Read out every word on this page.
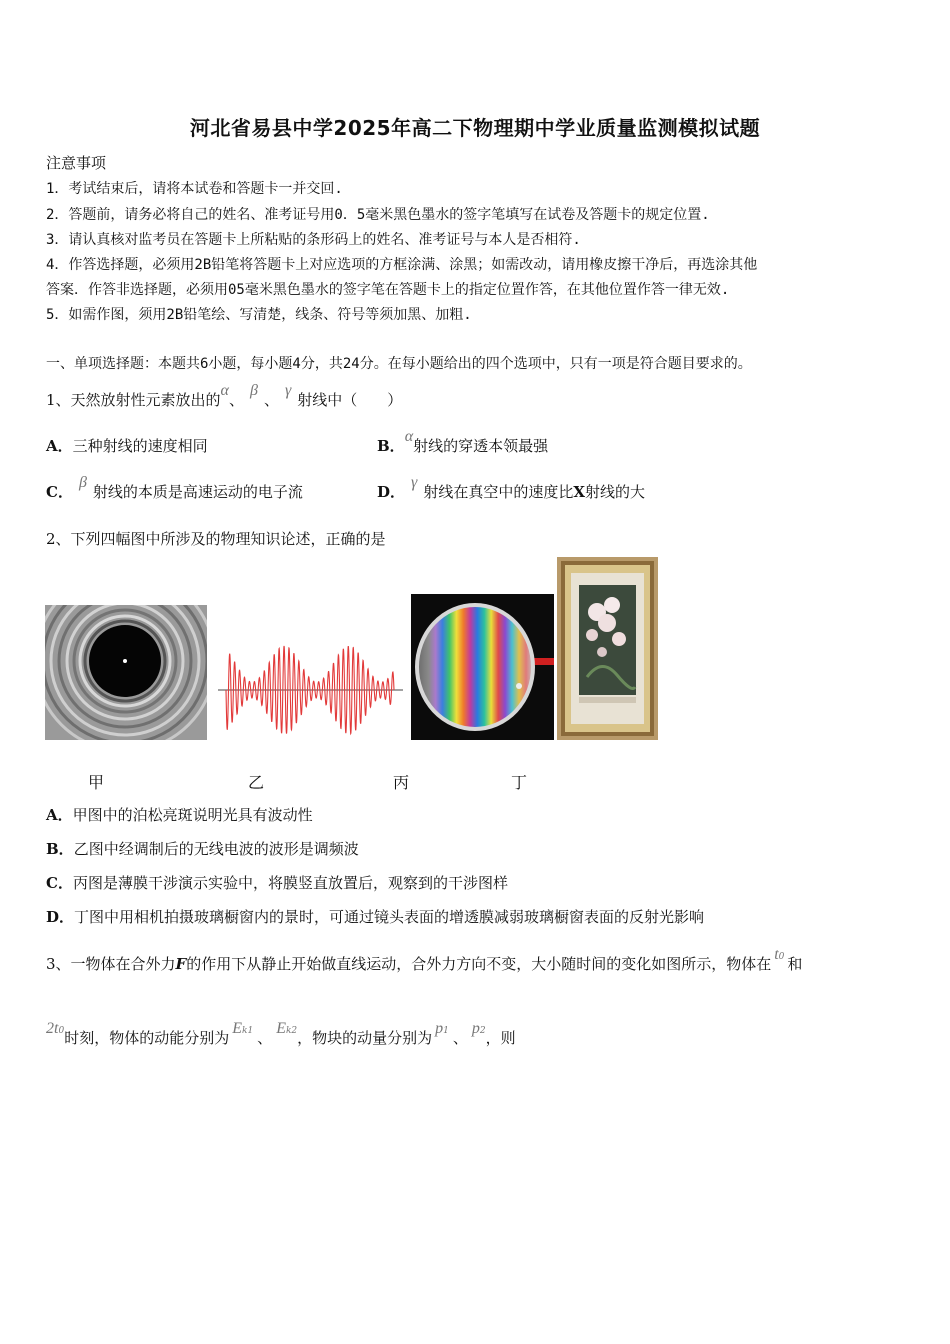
河北省易县中学2025年高二下物理期中学业质量监测模拟试题
注意事项
1．考试结束后，请将本试卷和答题卡一并交回.
2．答题前，请务必将自己的姓名、准考证号用0．5毫米黑色墨水的签字笔填写在试卷及答题卡的规定位置.
3．请认真核对监考员在答题卡上所粘贴的条形码上的姓名、准考证号与本人是否相符.
4．作答选择题，必须用2B铅笔将答题卡上对应选项的方框涂满、涂黑；如需改动，请用橡皮擦干净后，再选涂其他
答案．作答非选择题，必须用05毫米黑色墨水的签字笔在答题卡上的指定位置作答，在其他位置作答一律无效.
5．如需作图，须用2B铅笔绘、写清楚，线条、符号等须加黑、加粗.
一、单项选择题：本题共6小题，每小题4分，共24分。在每小题给出的四个选项中，只有一项是符合题目要求的。
1、天然放射性元素放出的α、β、γ射线中（　　）
A．三种射线的速度相同	B．α射线的穿透本领最强
C．β射线的本质是高速运动的电子流	D．γ射线在真空中的速度比X射线的大
2、下列四幅图中所涉及的物理知识论述，正确的是
甲	乙	丙	丁
A．甲图中的泊松亮斑说明光具有波动性
B．乙图中经调制后的无线电波的波形是调频波
C．丙图是薄膜干涉演示实验中，将膜竖直放置后，观察到的干涉图样
D．丁图中用相机拍摄玻璃橱窗内的景时，可通过镜头表面的增透膜减弱玻璃橱窗表面的反射光影响
3、一物体在合外力F的作用下从静止开始做直线运动，合外力方向不变，大小随时间的变化如图所示，物体在t0 和
2t0时刻，物体的动能分别为Ek1 、Ek2，物块的动量分别为p1 、p2，则
